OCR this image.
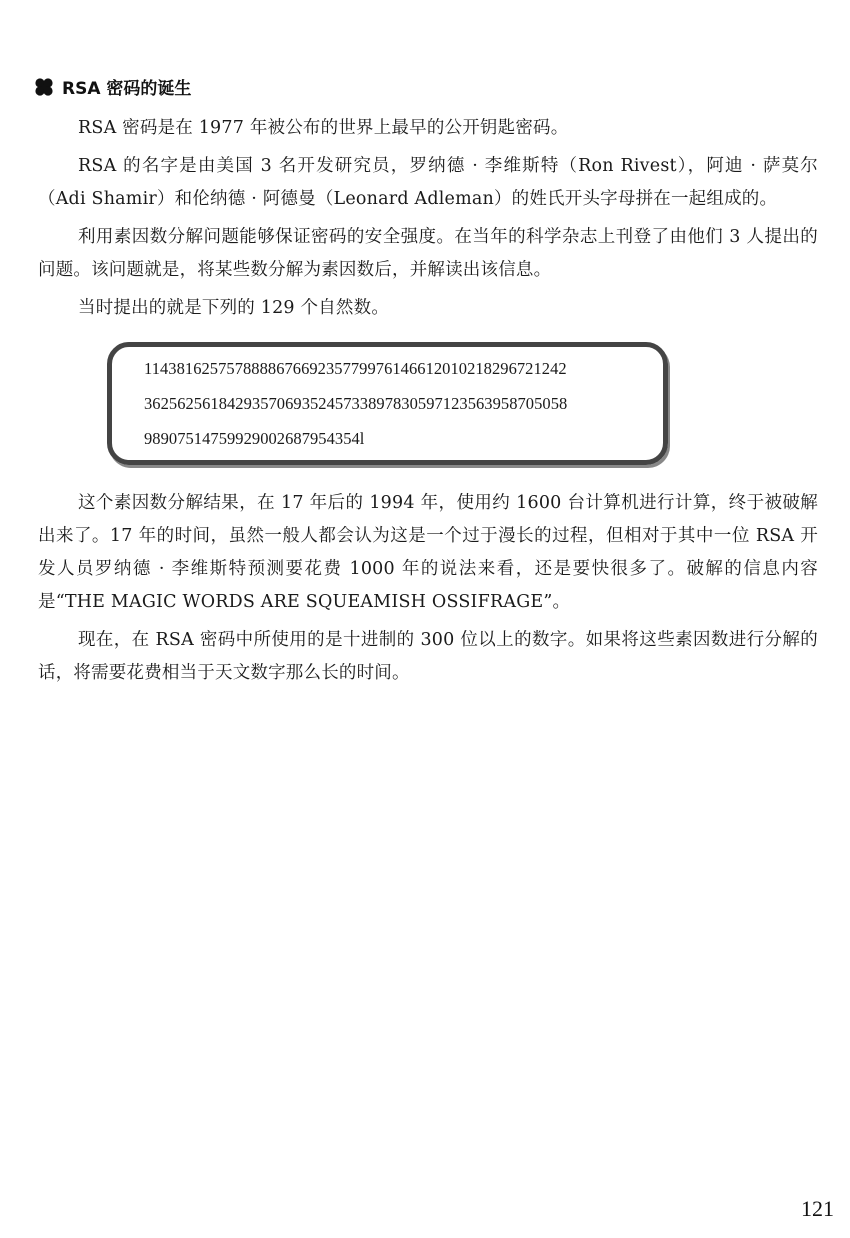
RSA 密码的诞生

RSA 密码是在 1977 年被公布的世界上最早的公开钥匙密码。

RSA 的名字是由美国 3 名开发研究员，罗纳德 · 李维斯特（Ron Rivest），阿迪 · 萨莫尔（Adi Shamir）和伦纳德 · 阿德曼（Leonard Adleman）的姓氏开头字母拼在一起组成的。

利用素因数分解问题能够保证密码的安全强度。在当年的科学杂志上刊登了由他们 3 人提出的问题。该问题就是，将某些数分解为素因数后，并解读出该信息。

当时提出的就是下列的 129 个自然数。

114381625757888867669235779976146612010218296721242
362562561842935706935245733897830597123563958705058
98907514759929002687954354l

这个素因数分解结果，在 17 年后的 1994 年，使用约 1600 台计算机进行计算，终于被破解出来了。17 年的时间，虽然一般人都会认为这是一个过于漫长的过程，但相对于其中一位 RSA 开发人员罗纳德 · 李维斯特预测要花费 1000 年的说法来看，还是要快很多了。破解的信息内容是“THE MAGIC WORDS ARE SQUEAMISH OSSIFRAGE”。

现在，在 RSA 密码中所使用的是十进制的 300 位以上的数字。如果将这些素因数进行分解的话，将需要花费相当于天文数字那么长的时间。

121
